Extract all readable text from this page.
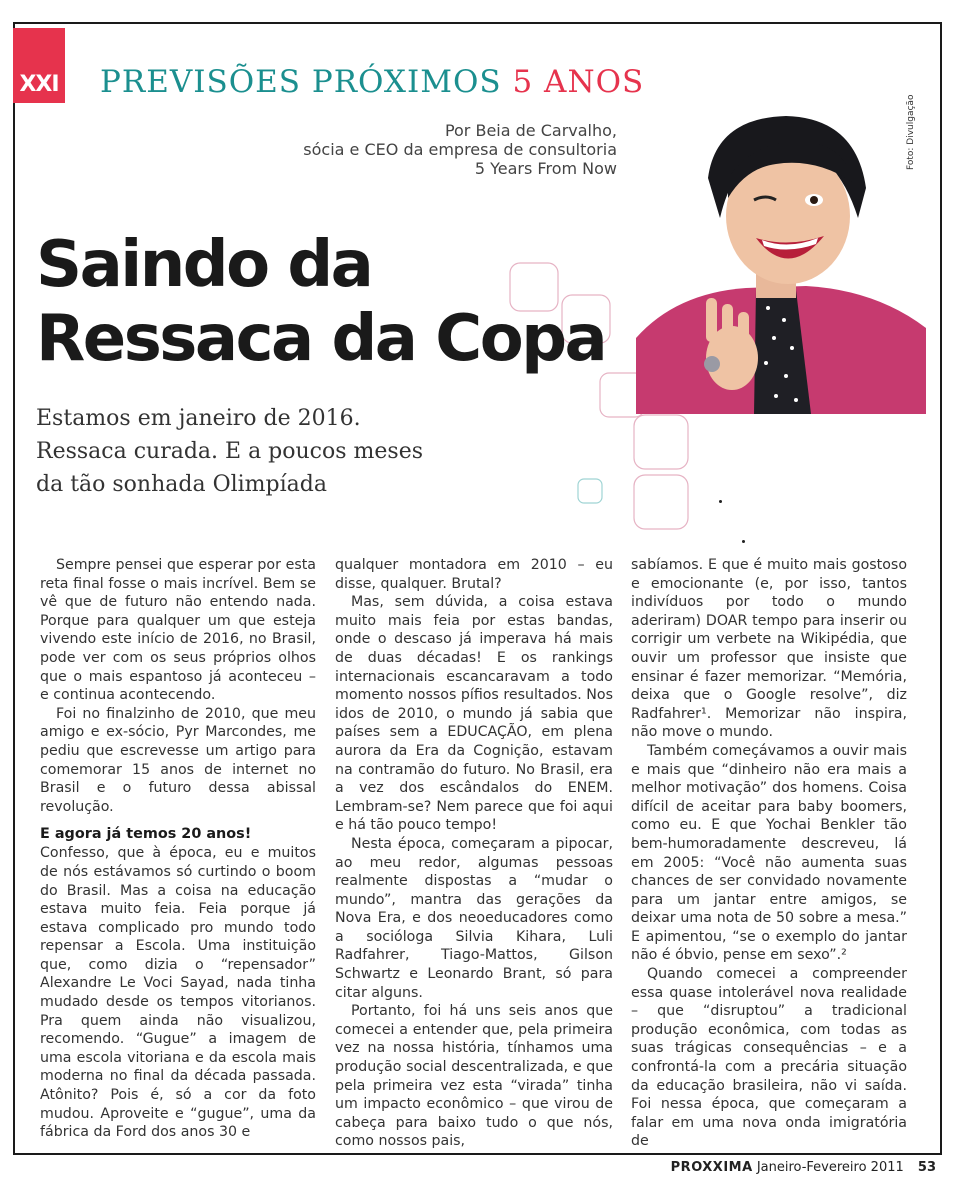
XXI PREVISÕES PRÓXIMOS 5 ANOS
Por Beia de Carvalho,
sócia e CEO da empresa de consultoria
5 Years From Now
Saindo da
Ressaca da Copa
Estamos em janeiro de 2016.
Ressaca curada. E a poucos meses
da tão sonhada Olimpíada
Foto: Divulgação

Sempre pensei que esperar por esta reta final fosse o mais incrível. Bem se vê que de futuro não entendo nada. Porque para qualquer um que esteja vivendo este início de 2016, no Brasil, pode ver com os seus próprios olhos que o mais espantoso já aconteceu – e continua acontecendo.

Foi no finalzinho de 2010, que meu amigo e ex-sócio, Pyr Marcondes, me pediu que escrevesse um artigo para comemorar 15 anos de internet no Brasil e o futuro dessa abissal revolução.

E agora já temos 20 anos!

Confesso, que à época, eu e muitos de nós estávamos só curtindo o boom do Brasil. Mas a coisa na educação estava muito feia. Feia porque já estava complicado pro mundo todo repensar a Escola. Uma instituição que, como dizia o “repensador” Alexandre Le Voci Sayad, nada tinha mudado desde os tempos vitorianos. Pra quem ainda não visualizou, recomendo. “Gugue” a imagem de uma escola vitoriana e da escola mais moderna no final da década passada. Atônito? Pois é, só a cor da foto mudou. Aproveite e “gugue”, uma da fábrica da Ford dos anos 30 e

qualquer montadora em 2010 – eu disse, qualquer. Brutal?

Mas, sem dúvida, a coisa estava muito mais feia por estas bandas, onde o descaso já imperava há mais de duas décadas! E os rankings internacionais escancaravam a todo momento nossos pífios resultados. Nos idos de 2010, o mundo já sabia que países sem a EDUCAÇÃO, em plena aurora da Era da Cognição, estavam na contramão do futuro. No Brasil, era a vez dos escândalos do ENEM. Lembram-se? Nem parece que foi aqui e há tão pouco tempo!

Nesta época, começaram a pipocar, ao meu redor, algumas pessoas realmente dispostas a “mudar o mundo”, mantra das gerações da Nova Era, e dos neoeducadores como a socióloga Silvia Kihara, Luli Radfahrer, Tiago-Mattos, Gilson Schwartz e Leonardo Brant, só para citar alguns.

Portanto, foi há uns seis anos que comecei a entender que, pela primeira vez na nossa história, tínhamos uma produção social descentralizada, e que pela primeira vez esta “virada” tinha um impacto econômico – que virou de cabeça para baixo tudo o que nós, como nossos pais,

sabíamos. E que é muito mais gostoso e emocionante (e, por isso, tantos indivíduos por todo o mundo aderiram) DOAR tempo para inserir ou corrigir um verbete na Wikipédia, que ouvir um professor que insiste que ensinar é fazer memorizar. “Memória, deixa que o Google resolve”, diz Radfahrer¹. Memorizar não inspira, não move o mundo.

Também começávamos a ouvir mais e mais que “dinheiro não era mais a melhor motivação” dos homens. Coisa difícil de aceitar para baby boomers, como eu. E que Yochai Benkler tão bem-humoradamente descreveu, lá em 2005: “Você não aumenta suas chances de ser convidado novamente para um jantar entre amigos, se deixar uma nota de 50 sobre a mesa.” E apimentou, “se o exemplo do jantar não é óbvio, pense em sexo”.²

Quando comecei a compreender essa quase intolerável nova realidade – que “disruptou” a tradicional produção econômica, com todas as suas trágicas consequências – e a confrontá-la com a precária situação da educação brasileira, não vi saída. Foi nessa época, que começaram a falar em uma nova onda imigratória de

PROXXIMA Janeiro-Fevereiro 2011 53
